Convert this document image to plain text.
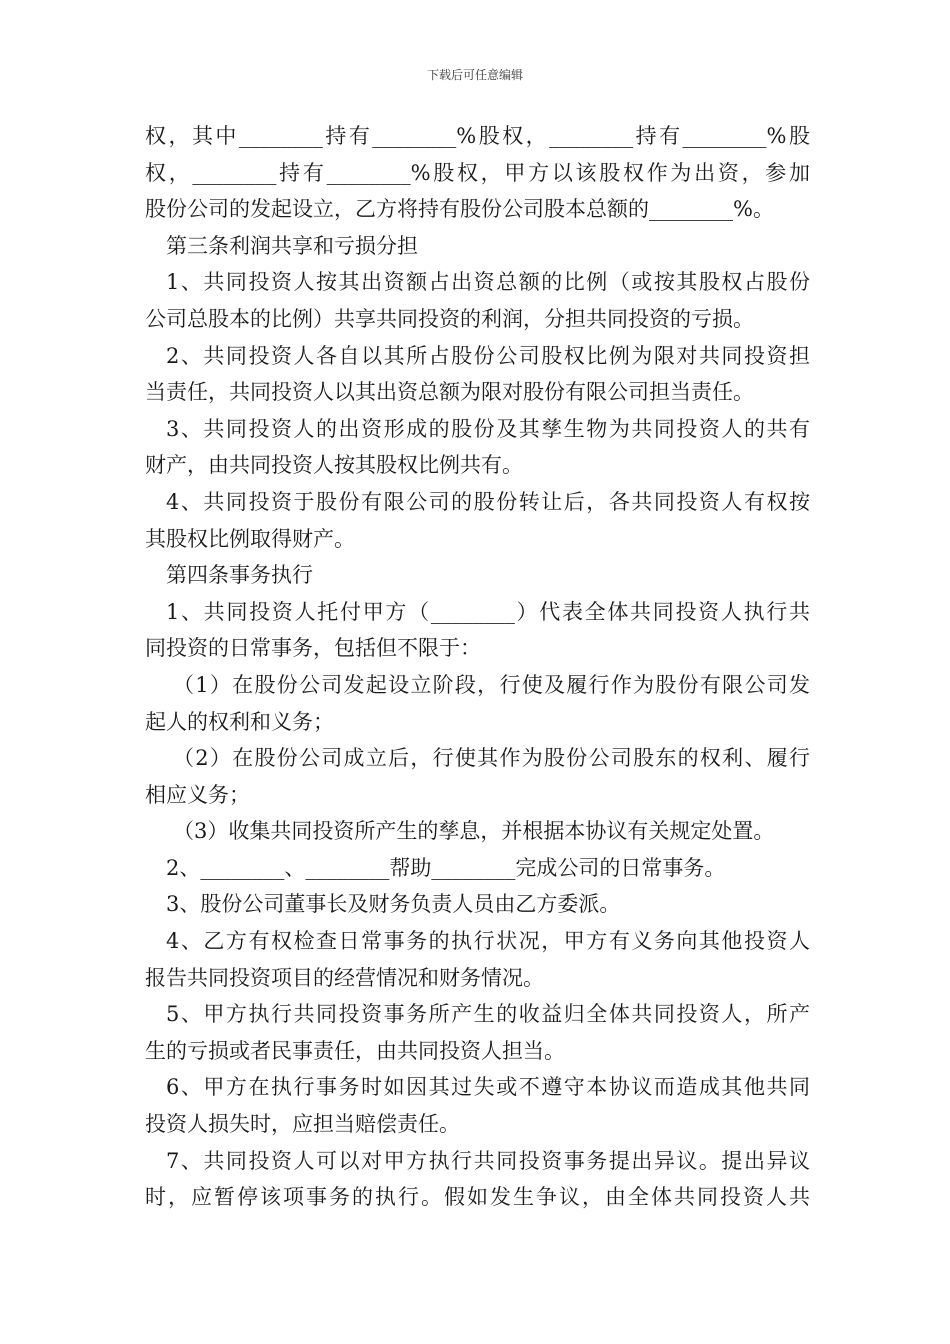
下载后可任意编辑
权，其中________持有________%股权，________持有________%股
权，________持有________%股权，甲方以该股权作为出资，参加
股份公司的发起设立，乙方将持有股份公司股本总额的________%。
第三条利润共享和亏损分担
1、共同投资人按其出资额占出资总额的比例（或按其股权占股份
公司总股本的比例）共享共同投资的利润，分担共同投资的亏损。
2、共同投资人各自以其所占股份公司股权比例为限对共同投资担
当责任，共同投资人以其出资总额为限对股份有限公司担当责任。
3、共同投资人的出资形成的股份及其孳生物为共同投资人的共有
财产，由共同投资人按其股权比例共有。
4、共同投资于股份有限公司的股份转让后，各共同投资人有权按
其股权比例取得财产。
第四条事务执行
1、共同投资人托付甲方（________）代表全体共同投资人执行共
同投资的日常事务，包括但不限于：
（1）在股份公司发起设立阶段，行使及履行作为股份有限公司发
起人的权利和义务；
（2）在股份公司成立后，行使其作为股份公司股东的权利、履行
相应义务；
（3）收集共同投资所产生的孳息，并根据本协议有关规定处置。
2、________、________帮助________完成公司的日常事务。
3、股份公司董事长及财务负责人员由乙方委派。
4、乙方有权检查日常事务的执行状况，甲方有义务向其他投资人
报告共同投资项目的经营情况和财务情况。
5、甲方执行共同投资事务所产生的收益归全体共同投资人，所产
生的亏损或者民事责任，由共同投资人担当。
6、甲方在执行事务时如因其过失或不遵守本协议而造成其他共同
投资人损失时，应担当赔偿责任。
7、共同投资人可以对甲方执行共同投资事务提出异议。提出异议
时，应暂停该项事务的执行。假如发生争议，由全体共同投资人共
